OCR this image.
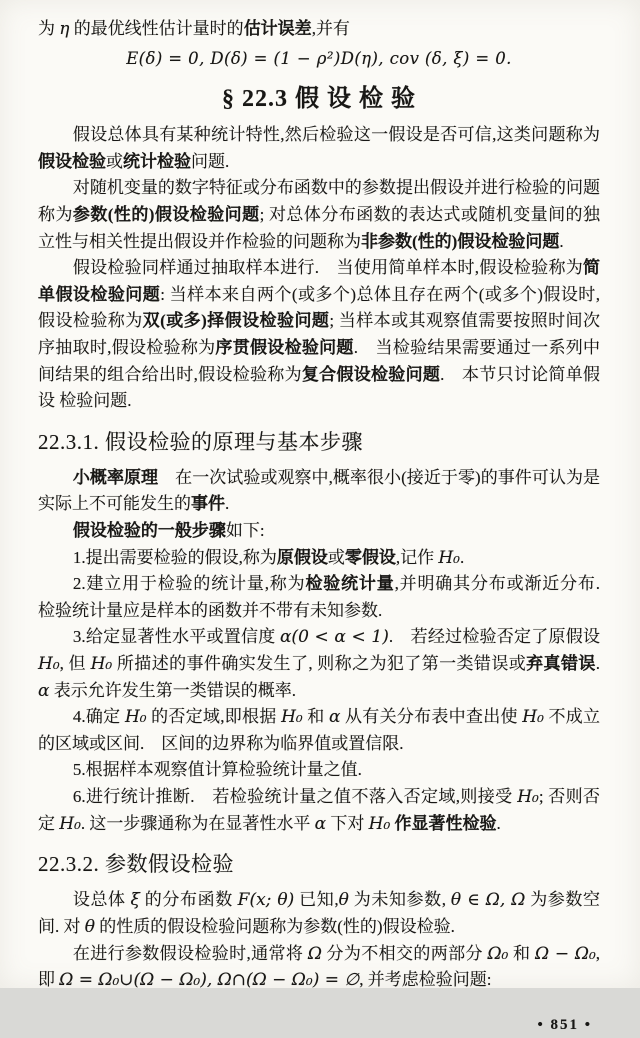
为 η 的最优线性估计量时的估计误差,并有
E(δ) = 0, D(δ) = (1 − ρ²)D(η), cov (δ, ξ) = 0.
§ 22.3 假 设 检 验
假设总体具有某种统计特性,然后检验这一假设是否可信,这类问题称为假设检验或统计检验问题.
对随机变量的数字特征或分布函数中的参数提出假设并进行检验的问题称为参数(性的)假设检验问题; 对总体分布函数的表达式或随机变量间的独立性与相关性提出假设并作检验的问题称为非参数(性的)假设检验问题.
假设检验同样通过抽取样本进行.　当使用简单样本时,假设检验称为简单假设检验问题: 当样本来自两个(或多个)总体且存在两个(或多个)假设时,假设检验称为双(或多)择假设检验问题; 当样本或其观察值需要按照时间次序抽取时,假设检验称为序贯假设检验问题.　当检验结果需要通过一系列中间结果的组合给出时,假设检验称为复合假设检验问题.　本节只讨论简单假设 检验问题.
22.3.1. 假设检验的原理与基本步骤
小概率原理　在一次试验或观察中,概率很小(接近于零)的事件可认为是实际上不可能发生的事件.
假设检验的一般步骤如下:
1.提出需要检验的假设,称为原假设或零假设,记作 H₀.
2.建立用于检验的统计量,称为检验统计量,并明确其分布或渐近分布.　检验统计量应是样本的函数并不带有未知参数.
3.给定显著性水平或置信度 α(0 < α < 1).　若经过检验否定了原假设 H₀, 但 H₀ 所描述的事件确实发生了, 则称之为犯了第一类错误或弃真错误. α 表示允许发生第一类错误的概率.
4.确定 H₀ 的否定域,即根据 H₀ 和 α 从有关分布表中查出使 H₀ 不成立的区域或区间.　区间的边界称为临界值或置信限.
5.根据样本观察值计算检验统计量之值.
6.进行统计推断.　若检验统计量之值不落入否定域,则接受 H₀; 否则否定 H₀. 这一步骤通称为在显著性水平 α 下对 H₀ 作显著性检验.
22.3.2. 参数假设检验
设总体 ξ 的分布函数 F(x; θ) 已知,θ 为未知参数, θ ∈ Ω, Ω 为参数空间. 对 θ 的性质的假设检验问题称为参数(性的)假设检验.
在进行参数假设检验时,通常将 Ω 分为不相交的两部分 Ω₀ 和 Ω − Ω₀, 即 Ω = Ω₀∪(Ω − Ω₀), Ω∩(Ω − Ω₀) = ∅, 并考虑检验问题:
• 851 •
